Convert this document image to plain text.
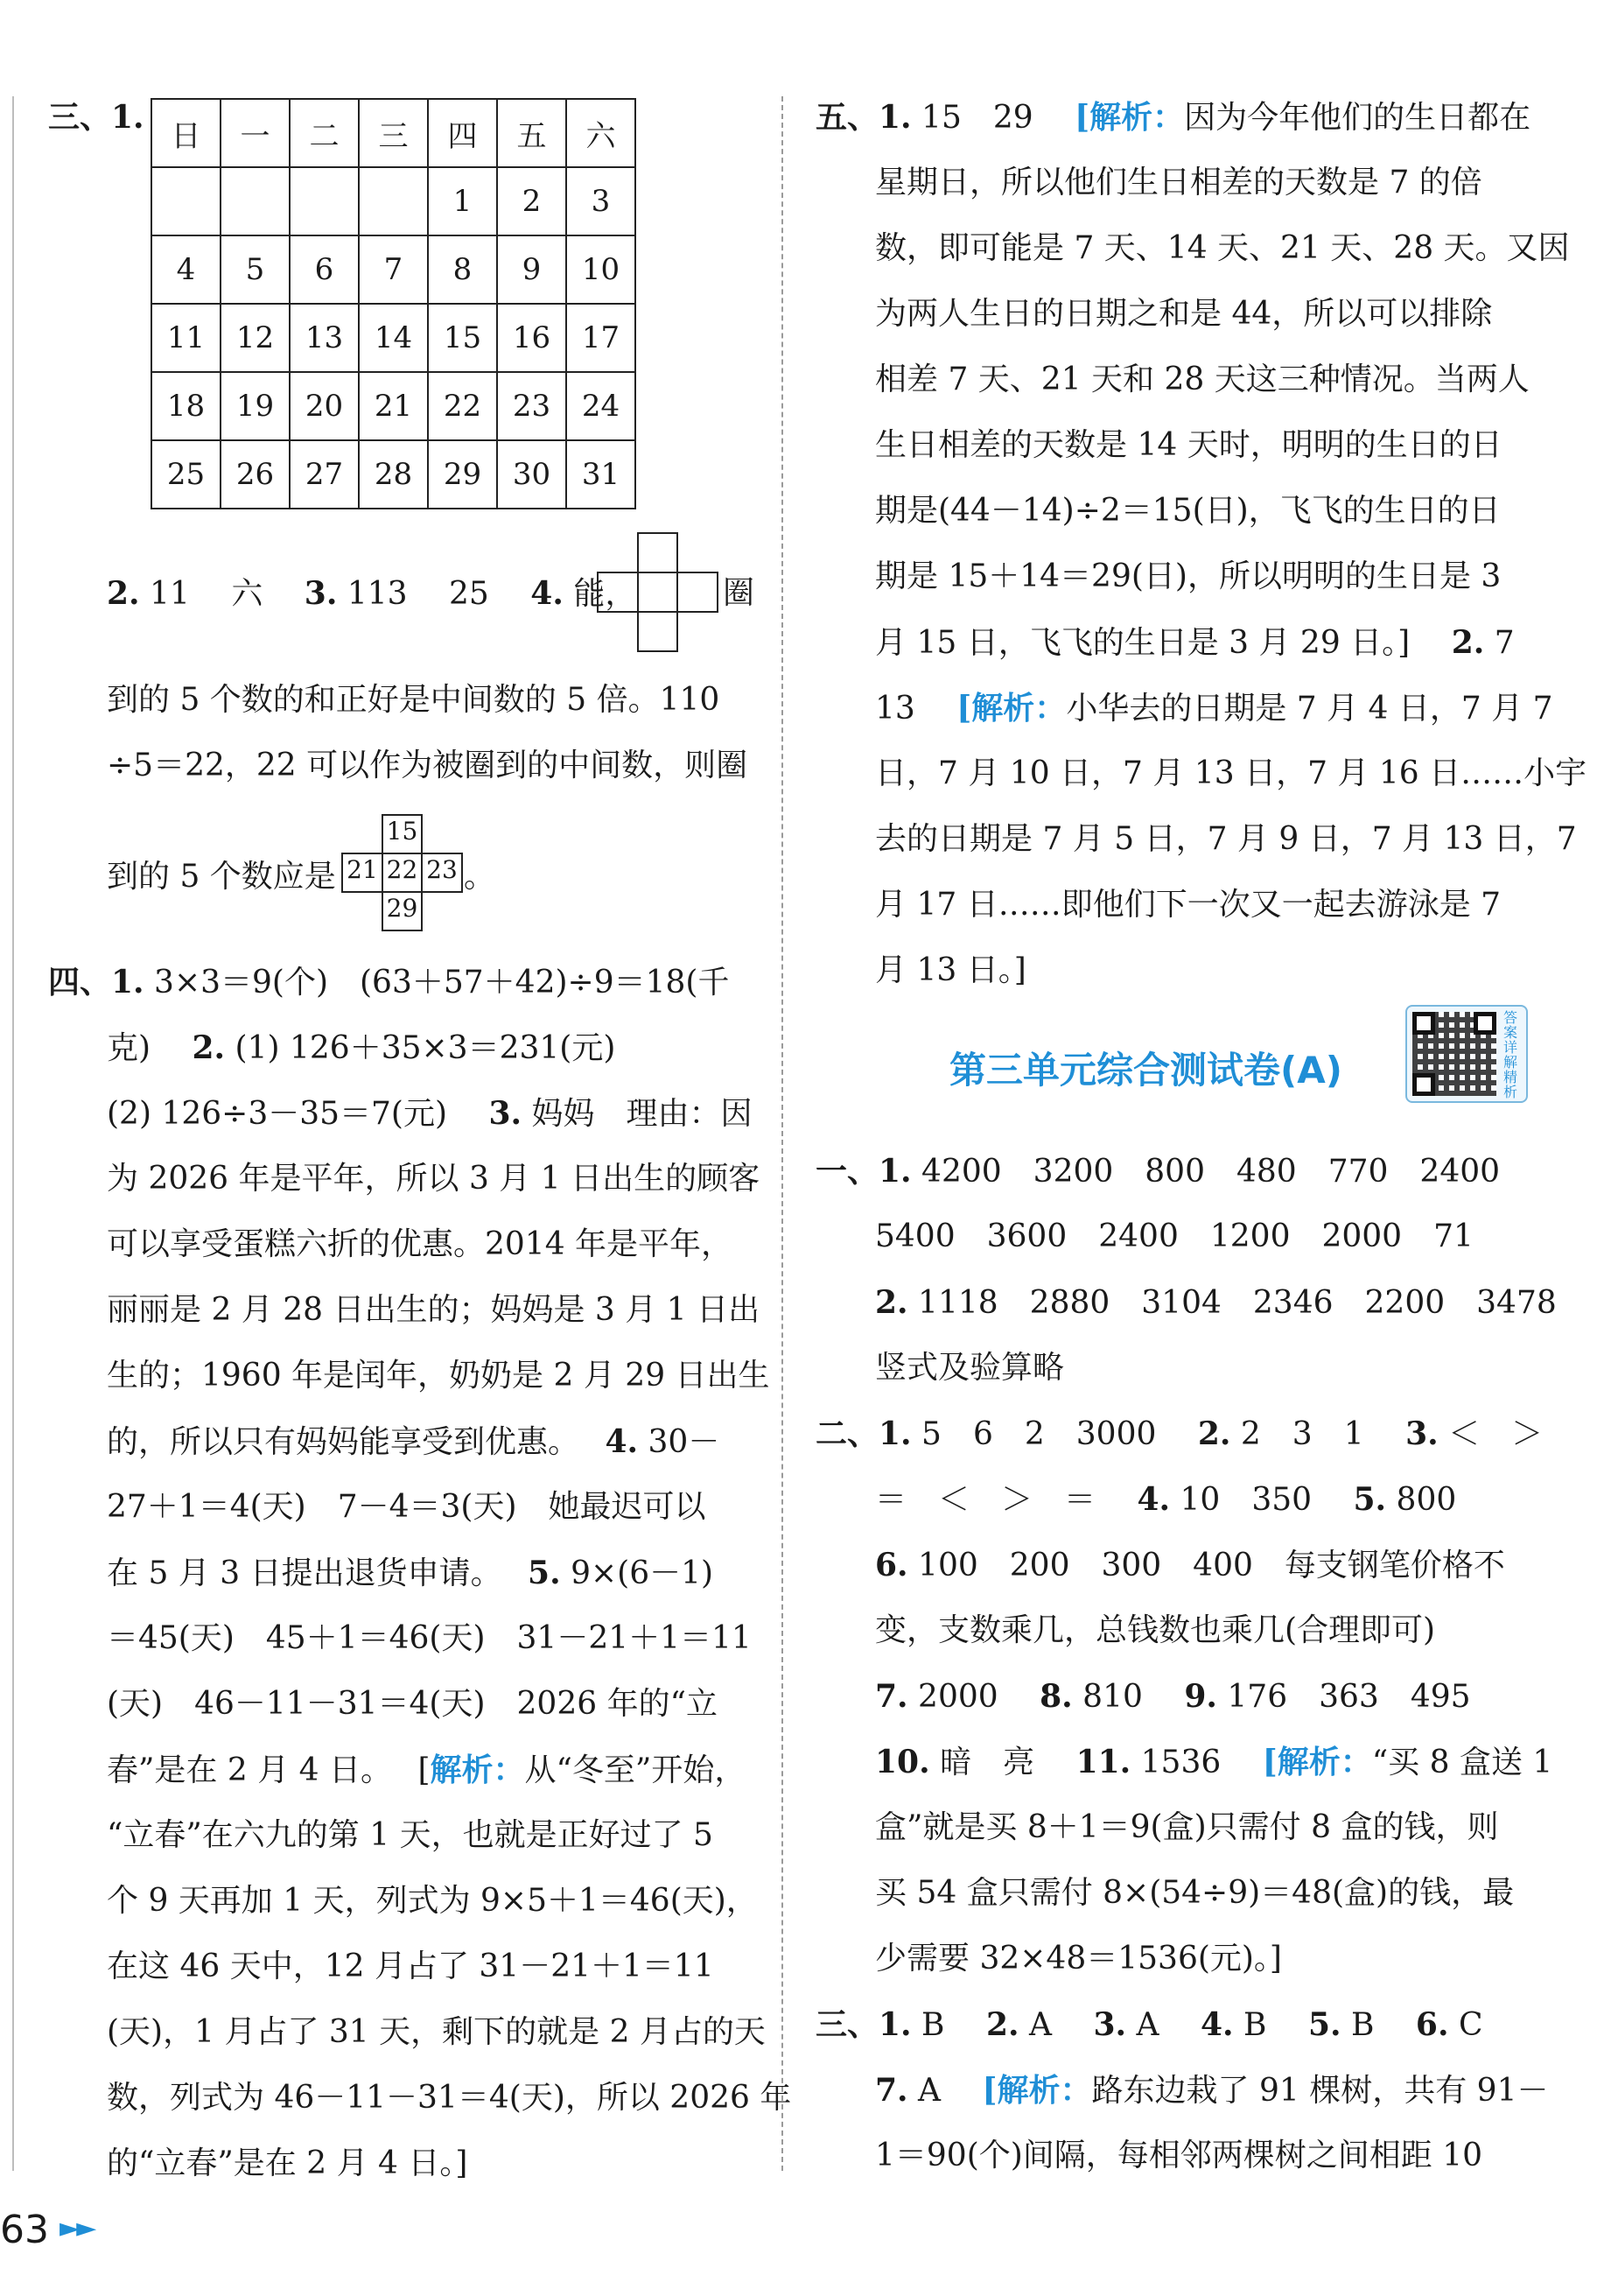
三、1.
日	一	二	三	四	五	六
				1	2	3
4	5	6	7	8	9	10
11	12	13	14	15	16	17
18	19	20	21	22	23	24
25	26	27	28	29	30	31
2. 11 六 3. 113 25 4. 能，	圈
到的 5 个数的和正好是中间数的 5 倍。110
÷5＝22，22 可以作为被圈到的中间数，则圈
到的 5 个数应是
15
21 22 23
29
。
四、1. 3×3＝9(个)　(63＋57＋42)÷9＝18(千
克)　 2. (1) 126＋35×3＝231(元)
(2) 126÷3－35＝7(元)　 3. 妈妈　理由：因
为 2026 年是平年，所以 3 月 1 日出生的顾客
可以享受蛋糕六折的优惠。2014 年是平年，
丽丽是 2 月 28 日出生的；妈妈是 3 月 1 日出
生的；1960 年是闰年，奶奶是 2 月 29 日出生
的，所以只有妈妈能享受到优惠。　 4. 30－
27＋1＝4(天)　7－4＝3(天)　她最迟可以
在 5 月 3 日提出退货申请。　 5. 9×(6－1)
＝45(天)　45＋1＝46(天)　31－21＋1＝11
(天)　46－11－31＝4(天)　2026 年的“立
春”是在 2 月 4 日。　 [解析：从“冬至”开始，
“立春”在六九的第 1 天，也就是正好过了 5
个 9 天再加 1 天，列式为 9×5＋1＝46(天)，
在这 46 天中，12 月占了 31－21＋1＝11
(天)，1 月占了 31 天，剩下的就是 2 月占的天
数，列式为 46－11－31＝4(天)，所以 2026 年
的“立春”是在 2 月 4 日。]
五、1. 15　29　 [解析：因为今年他们的生日都在
星期日，所以他们生日相差的天数是 7 的倍
数，即可能是 7 天、14 天、21 天、28 天。又因
为两人生日的日期之和是 44，所以可以排除
相差 7 天、21 天和 28 天这三种情况。当两人
生日相差的天数是 14 天时，明明的生日的日
期是(44－14)÷2＝15(日)，飞飞的生日的日
期是 15＋14＝29(日)，所以明明的生日是 3
月 15 日，飞飞的生日是 3 月 29 日。]　 2. 7
13　 [解析：小华去的日期是 7 月 4 日，7 月 7
日，7 月 10 日，7 月 13 日，7 月 16 日……小宇
去的日期是 7 月 5 日，7 月 9 日，7 月 13 日，7
月 17 日……即他们下一次又一起去游泳是 7
月 13 日。]
第三单元综合测试卷(A)
答案详解精析
一、1. 4200　3200　800　480　770　2400
5400　3600　2400　1200　2000　71
2. 1118　2880　3104　2346　2200　3478
竖式及验算略
二、1. 5　6　2　3000　 2. 2　3　1　 3. ＜　＞
＝　＜　＞　＝　 4. 10　350　 5. 800
6. 100　200　300　400　每支钢笔价格不
变，支数乘几，总钱数也乘几(合理即可)
7. 2000　 8. 810　 9. 176　363　495
10. 暗　亮　 11. 1536　 [解析：“买 8 盒送 1
盒”就是买 8＋1＝9(盒)只需付 8 盒的钱，则
买 54 盒只需付 8×(54÷9)＝48(盒)的钱，最
少需要 32×48＝1536(元)。]
三、1. B 2. A 3. A 4. B 5. B 6. C
7. A　 [解析：路东边栽了 91 棵树，共有 91－
1＝90(个)间隔，每相邻两棵树之间相距 10
63 ►►
